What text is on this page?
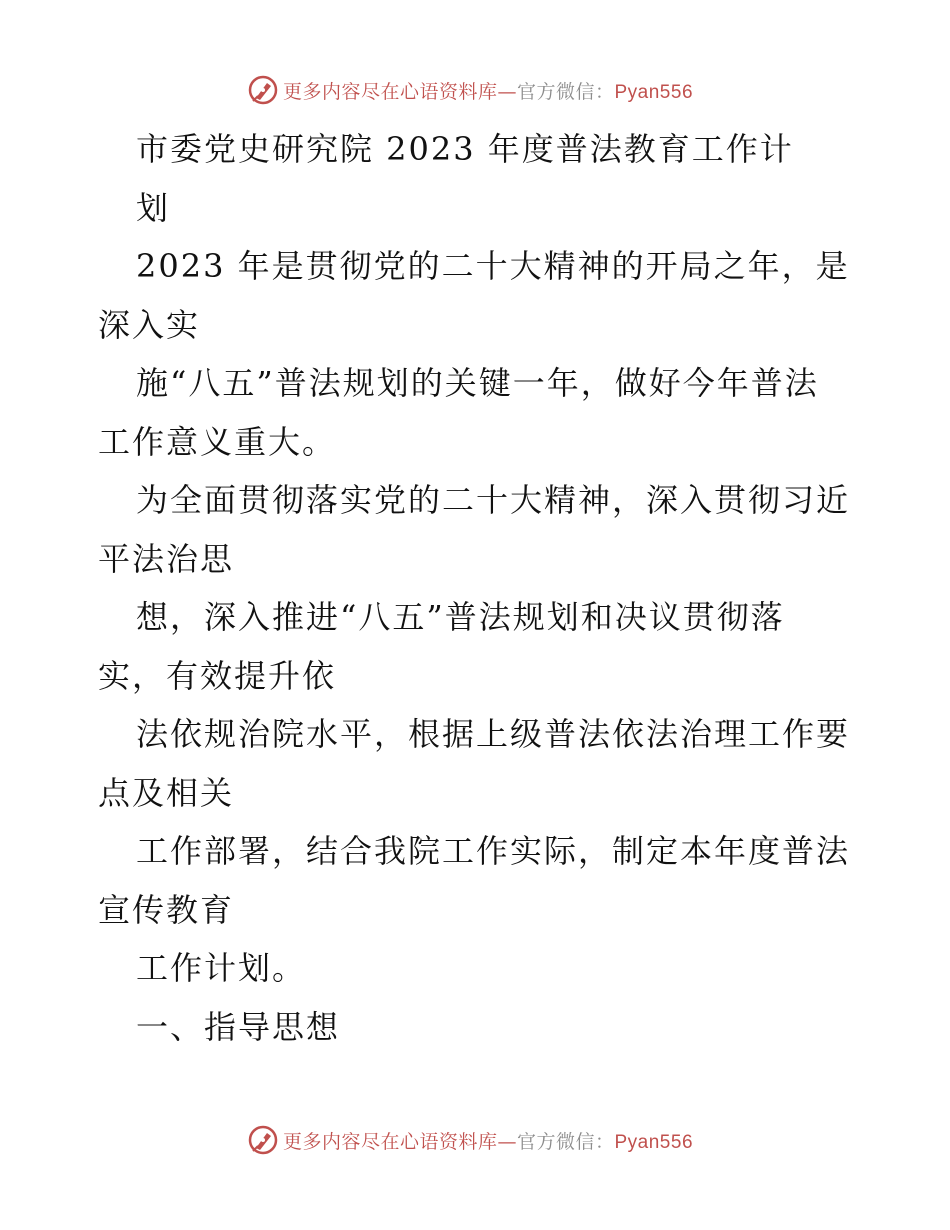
更多内容尽在心语资料库—官方微信：Pyan556
市委党史研究院 2023 年度普法教育工作计
划
2023 年是贯彻党的二十大精神的开局之年，是
深入实
施“八五”普法规划的关键一年，做好今年普法
工作意义重大。
为全面贯彻落实党的二十大精神，深入贯彻习近
平法治思
想，深入推进“八五”普法规划和决议贯彻落
实，有效提升依
法依规治院水平，根据上级普法依法治理工作要
点及相关
工作部署，结合我院工作实际，制定本年度普法
宣传教育
工作计划。
一、指导思想
更多内容尽在心语资料库—官方微信：Pyan556
